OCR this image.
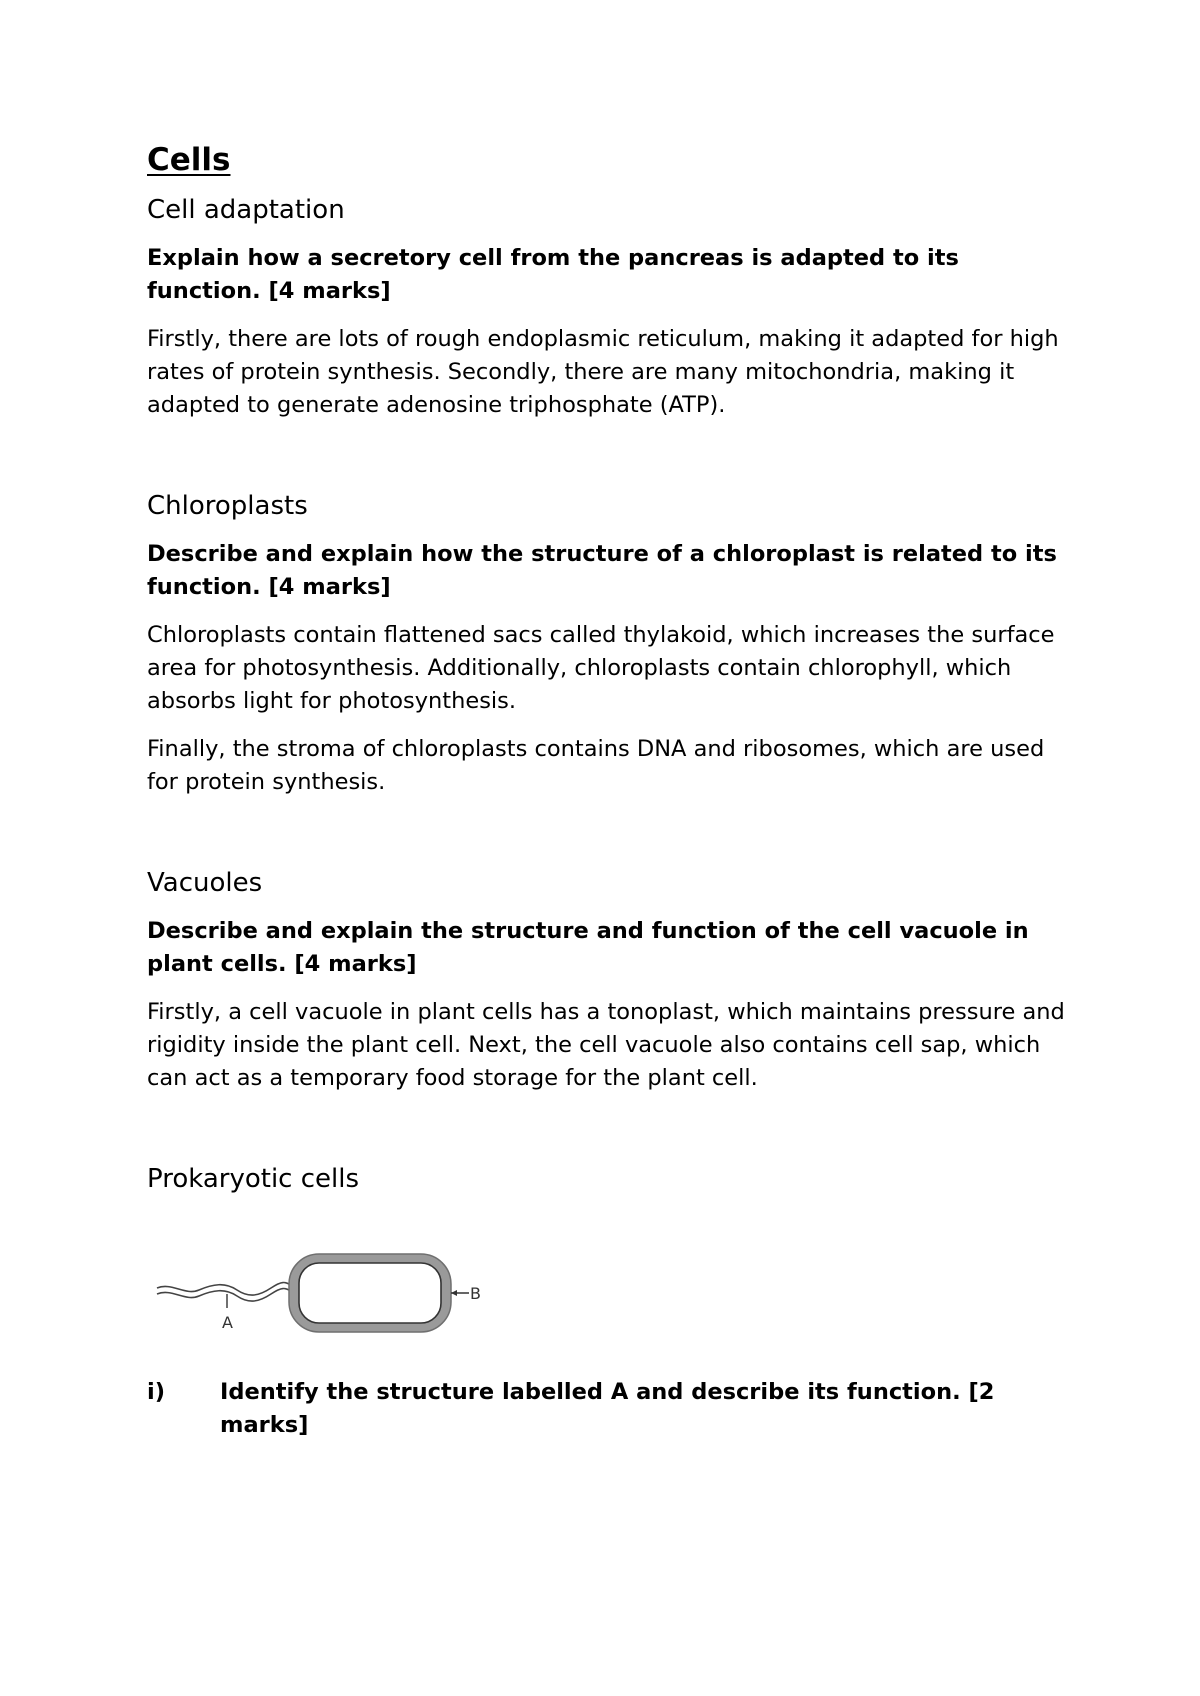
Cells
Cell adaptation

Explain how a secretory cell from the pancreas is adapted to its function. [4 marks]

Firstly, there are lots of rough endoplasmic reticulum, making it adapted for high rates of protein synthesis. Secondly, there are many mitochondria, making it adapted to generate adenosine triphosphate (ATP).

Chloroplasts

Describe and explain how the structure of a chloroplast is related to its function. [4 marks]

Chloroplasts contain flattened sacs called thylakoid, which increases the surface area for photosynthesis. Additionally, chloroplasts contain chlorophyll, which absorbs light for photosynthesis.

Finally, the stroma of chloroplasts contains DNA and ribosomes, which are used for protein synthesis.

Vacuoles

Describe and explain the structure and function of the cell vacuole in plant cells. [4 marks]

Firstly, a cell vacuole in plant cells has a tonoplast, which maintains pressure and rigidity inside the plant cell. Next, the cell vacuole also contains cell sap, which can act as a temporary food storage for the plant cell.

Prokaryotic cells
A
B
i)	Identify the structure labelled A and describe its function. [2 marks]
